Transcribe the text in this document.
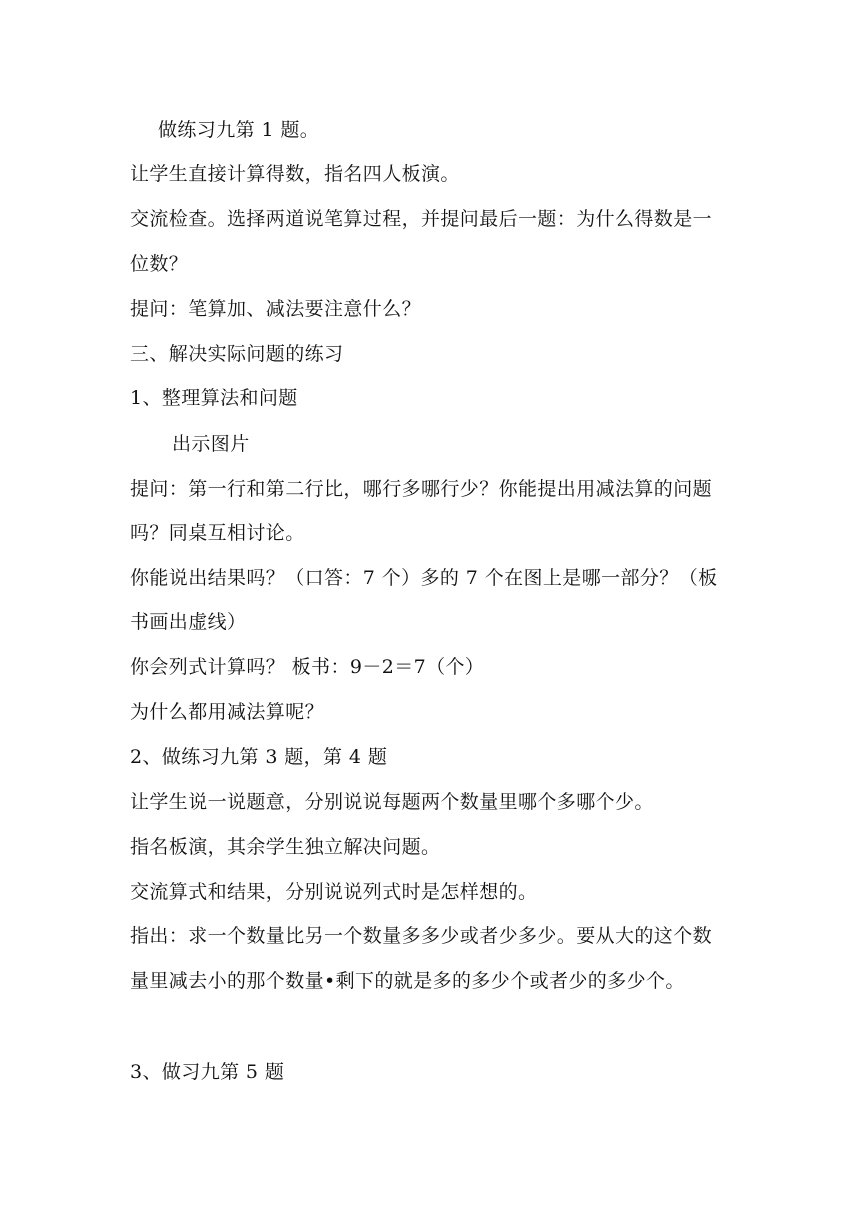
做练习九第 1 题。
让学生直接计算得数，指名四人板演。
交流检查。选择两道说笔算过程，并提问最后一题：为什么得数是一
位数？
提问：笔算加、减法要注意什么？
三、解决实际问题的练习
1、整理算法和问题
出示图片
提问：第一行和第二行比，哪行多哪行少？你能提出用减法算的问题
吗？同桌互相讨论。
你能说出结果吗？（口答：7 个）多的 7 个在图上是哪一部分？（板
书画出虚线）
你会列式计算吗？ 板书：9－2＝7（个）
为什么都用减法算呢？
2、做练习九第 3 题，第 4 题
让学生说一说题意，分别说说每题两个数量里哪个多哪个少。
指名板演，其余学生独立解决问题。
交流算式和结果，分别说说列式时是怎样想的。
指出：求一个数量比另一个数量多多少或者少多少。要从大的这个数
量里减去小的那个数量•剩下的就是多的多少个或者少的多少个。
3、做习九第 5 题
